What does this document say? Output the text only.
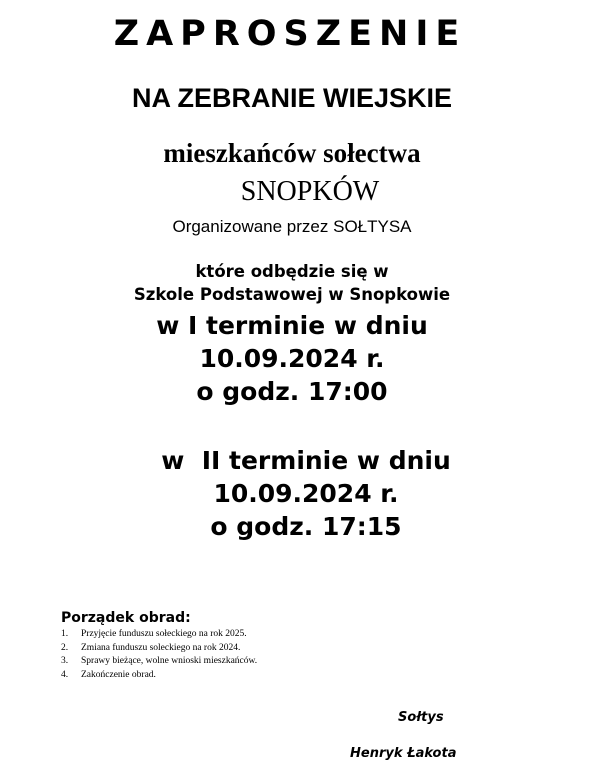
ZAPROSZENIE
NA ZEBRANIE WIEJSKIE
mieszkańców sołectwa
SNOPKÓW
Organizowane przez SOŁTYSA
które odbędzie się w
Szkole Podstawowej w Snopkowie
w I terminie w dniu
10.09.2024 r.
o godz. 17:00
w  II terminie w dniu
10.09.2024 r.
o godz. 17:15
Porządek obrad:
1. Przyjęcie funduszu sołeckiego na rok 2025.
2. Zmiana funduszu soleckiego na rok 2024.
3. Sprawy bieżące, wolne wnioski mieszkańców.
4. Zakończenie obrad.
Sołtys
Henryk Łakota
